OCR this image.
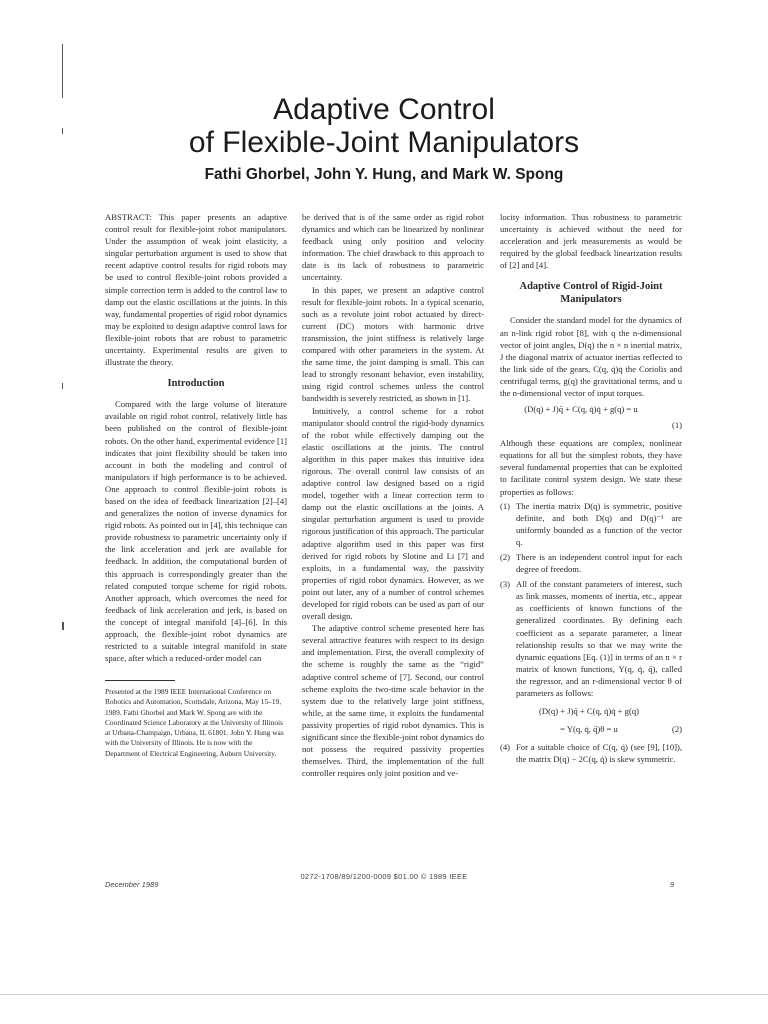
Adaptive Control
of Flexible-Joint Manipulators
Fathi Ghorbel, John Y. Hung, and Mark W. Spong

ABSTRACT: This paper presents an adaptive control result for flexible-joint robot manipulators. Under the assumption of weak joint elasticity, a singular perturbation argument is used to show that recent adaptive control results for rigid robots may be used to control flexible-joint robots provided a simple correction term is added to the control law to damp out the elastic oscillations at the joints. In this way, fundamental properties of rigid robot dynamics may be exploited to design adaptive control laws for flexible-joint robots that are robust to parametric uncertainty. Experimental results are given to illustrate the theory.

Introduction

Compared with the large volume of literature available on rigid robot control, relatively little has been published on the control of flexible-joint robots. On the other hand, experimental evidence [1] indicates that joint flexibility should be taken into account in both the modeling and control of manipulators if high performance is to be achieved. One approach to control flexible-joint robots is based on the idea of feedback linearization [2]–[4] and generalizes the notion of inverse dynamics for rigid robots. As pointed out in [4], this technique can provide robustness to parametric uncertainty only if the link acceleration and jerk are available for feedback. In addition, the computational burden of this approach is correspondingly greater than the related computed torque scheme for rigid robots. Another approach, which overcomes the need for feedback of link acceleration and jerk, is based on the concept of integral manifold [4]–[6]. In this approach, the flexible-joint robot dynamics are restricted to a suitable integral manifold in state space, after which a reduced-order model can

Presented at the 1989 IEEE International Conference on Robotics and Automation, Scottsdale, Arizona, May 15–19, 1989. Fathi Ghorbel and Mark W. Spong are with the Coordinated Science Laboratory at the University of Illinois at Urbana-Champaign, Urbana, IL 61801. John Y. Hung was with the University of Illinois. He is now with the Department of Electrical Engineering, Auburn University.

be derived that is of the same order as rigid robot dynamics and which can be linearized by nonlinear feedback using only position and velocity information. The chief drawback to this approach to date is its lack of robustness to parametric uncertainty.

In this paper, we present an adaptive control result for flexible-joint robots. In a typical scenario, such as a revolute joint robot actuated by direct-current (DC) motors with harmonic drive transmission, the joint stiffness is relatively large compared with other parameters in the system. At the same time, the joint damping is small. This can lead to strongly resonant behavior, even instability, using rigid control schemes unless the control bandwidth is severely restricted, as shown in [1].

Intuitively, a control scheme for a robot manipulator should control the rigid-body dynamics of the robot while effectively damping out the elastic oscillations at the joints. The control algorithm in this paper makes this intuitive idea rigorous. The overall control law consists of an adaptive control law designed based on a rigid model, together with a linear correction term to damp out the elastic oscillations at the joints. A singular perturbation argument is used to provide rigorous justification of this approach. The particular adaptive algorithm used in this paper was first derived for rigid robots by Slotine and Li [7] and exploits, in a fundamental way, the passivity properties of rigid robot dynamics. However, as we point out later, any of a number of control schemes developed for rigid robots can be used as part of our overall design.

The adaptive control scheme presented here has several attractive features with respect to its design and implementation. First, the overall complexity of the scheme is roughly the same as the “rigid” adaptive control scheme of [7]. Second, our control scheme exploits the two-time scale behavior in the system due to the relatively large joint stiffness, while, at the same time, it exploits the fundamental passivity properties of rigid robot dynamics. This is significant since the flexible-joint robot dynamics do not possess the required passivity properties themselves. Third, the implementation of the full controller requires only joint position and ve-

locity information. Thus robustness to parametric uncertainty is achieved without the need for acceleration and jerk measurements as would be required by the global feedback linearization results of [2] and [4].

Adaptive Control of Rigid-Joint Manipulators

Consider the standard model for the dynamics of an n-link rigid robot [8], with q the n-dimensional vector of joint angles, D(q) the n × n inertial matrix, J the diagonal matrix of actuator inertias reflected to the link side of the gears, C(q, q̇)q̇ the Coriolis and centrifugal terms, g(q) the gravitational terms, and u the n-dimensional vector of input torques.

(D(q) + J)q̈ + C(q, q̇)q̇ + g(q) = u
(1)

Although these equations are complex, nonlinear equations for all but the simplest robots, they have several fundamental properties that can be exploited to facilitate control system design. We state these properties as follows:

(1) The inertia matrix D(q) is symmetric, positive definite, and both D(q) and D(q)⁻¹ are uniformly bounded as a function of the vector q.
(2) There is an independent control input for each degree of freedom.
(3) All of the constant parameters of interest, such as link masses, moments of inertia, etc., appear as coefficients of known functions of the generalized coordinates. By defining each coefficient as a separate parameter, a linear relationship results so that we may write the dynamic equations [Eq. (1)] in terms of an n × r matrix of known functions, Y(q, q̇, q̈), called the regressor, and an r-dimensional vector θ of parameters as follows:
(D(q) + J)q̈ + C(q, q̇)q̇ + g(q)
= Y(q, q̇, q̈)θ = u	(2)
(4) For a suitable choice of C(q, q̇) (see [9], [10]), the matrix D(q) − 2C(q, q̇) is skew symmetric.
0272-1708/89/1200-0009 $01.00 © 1989 IEEE
December 1989	9
